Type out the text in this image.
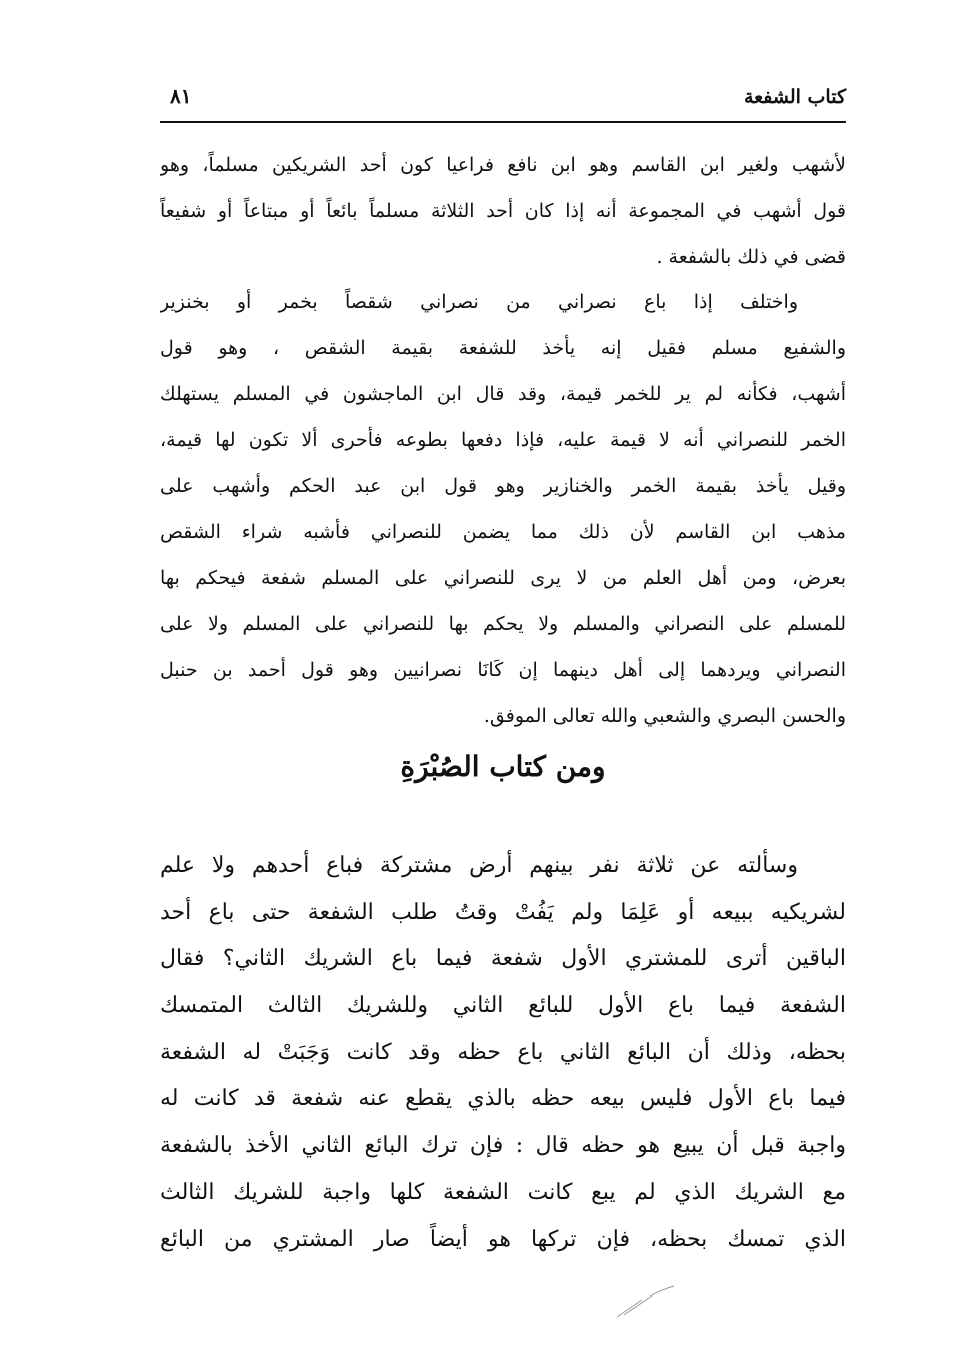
كتاب الشفعة
٨١
لأشهب ولغير ابن القاسم وهو ابن نافع فراعيا كون أحد الشريكين مسلماً، وهو
قول أشهب في المجموعة أنه إذا كان أحد الثلاثة مسلماً بائعاً أو مبتاعاً أو شفيعاً
قضى في ذلك بالشفعة .
واختلف إذا باع نصراني من نصراني شقصاً بخمر أو بخنزير
والشفيع مسلم فقيل إنه يأخذ للشفعة بقيمة الشقص ، وهو قول
أشهب، فكأنه لم ير للخمر قيمة، وقد قال ابن الماجشون في المسلم يستهلك
الخمر للنصراني أنه لا قيمة عليه، فإذا دفعها بطوعه فأحرى ألا تكون لها قيمة،
وقيل يأخذ بقيمة الخمر والخنازير وهو قول ابن عبد الحكم وأشهب على
مذهب ابن القاسم لأن ذلك مما يضمن للنصراني فأشبه شراء الشقص
بعرض، ومن أهل العلم من لا يرى للنصراني على المسلم شفعة فيحكم بها
للمسلم على النصراني والمسلم ولا يحكم بها للنصراني على المسلم ولا على
النصراني ويردهما إلى أهل دينهما إن كَانَا نصرانيين وهو قول أحمد بن حنبل
والحسن البصري والشعبي والله تعالى الموفق.
ومن كتاب الصُبْرَةِ
وسألته عن ثلاثة نفر بينهم أرض مشتركة فباع أحدهم ولا علم
لشريكيه ببيعه أو عَلِمَا ولم يَفُتْ وقتُ طلب الشفعة حتى باع أحد
الباقين أترى للمشتري الأول شفعة فيما باع الشريك الثاني؟ فقال
الشفعة فيما باع الأول للبائع الثاني وللشريك الثالث المتمسك
بحظه، وذلك أن البائع الثاني باع حظه وقد كانت وَجَبَتْ له الشفعة
فيما باع الأول فليس بيعه حظه بالذي يقطع عنه شفعة قد كانت له
واجبة قبل أن يبيع هو حظه قال : فإن ترك البائع الثاني الأخذ بالشفعة
مع الشريك الذي لم يبع كانت الشفعة كلها واجبة للشريك الثالث
الذي تمسك بحظه، فإن تركها هو أيضاً صار المشتري من البائع
